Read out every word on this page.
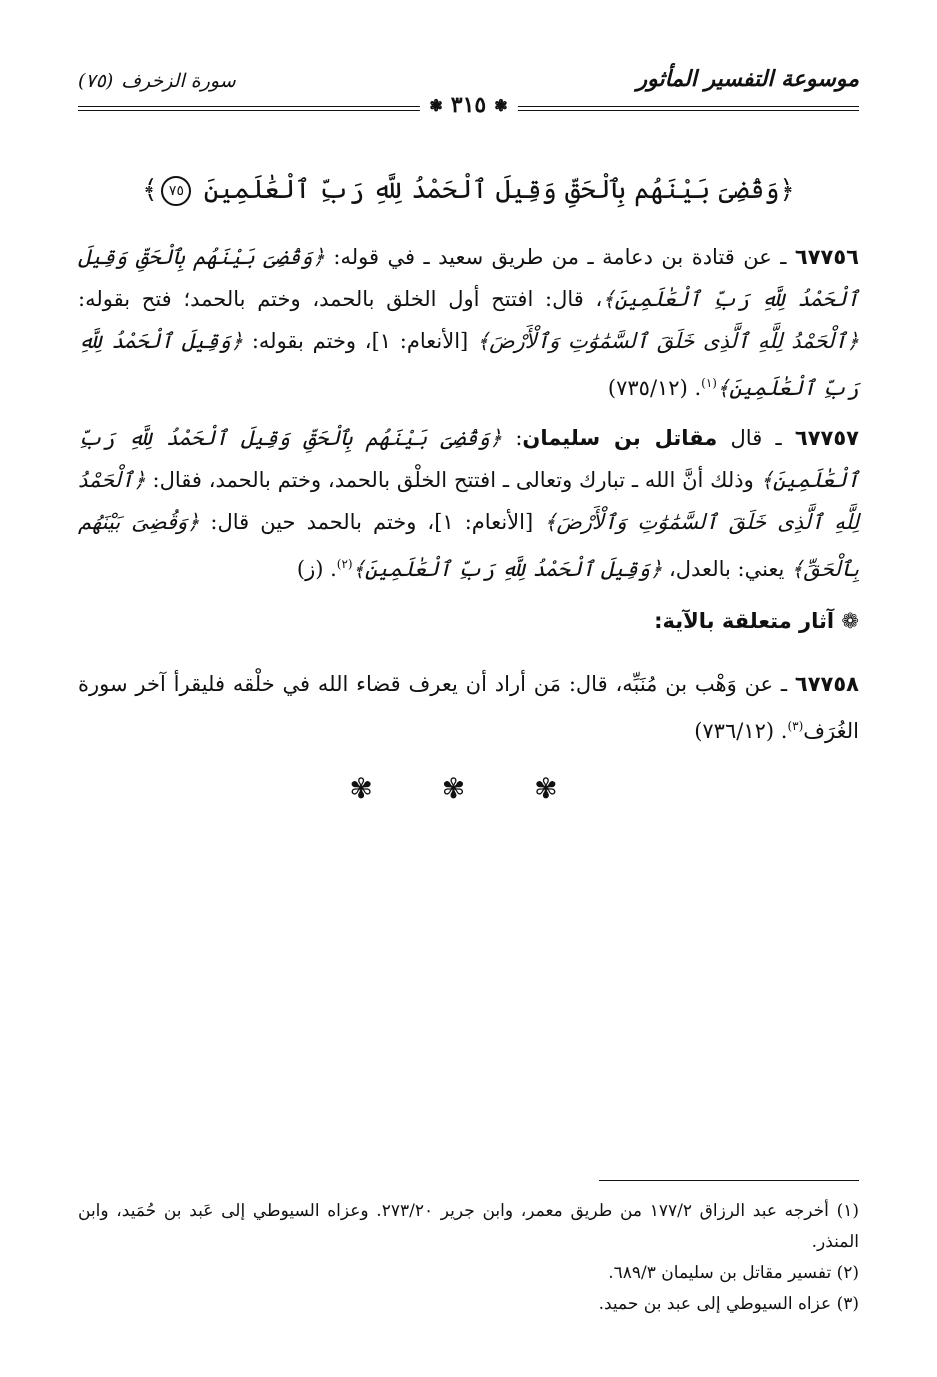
موسوعة التفسير المأثور
سورة الزخرف
(٧٥)
❃
٣١٥
❃
﴿وَقُضِىَ بَيْنَهُم بِٱلْحَقِّ وَقِيلَ ٱلْحَمْدُ لِلَّهِ رَبِّ ٱلْعَٰلَمِينَ ٧٥﴾

٦٧٧٥٦ ـ عن قتادة بن دعامة ـ من طريق سعيد ـ في قوله: ﴿وَقُضِىَ بَيْنَهُم بِٱلْحَقِّ وَقِيلَ ٱلْحَمْدُ لِلَّهِ رَبِّ ٱلْعَٰلَمِينَ﴾، قال: افتتح أول الخلق بالحمد، وختم بالحمد؛ فتح بقوله: ﴿ٱلْحَمْدُ لِلَّهِ ٱلَّذِى خَلَقَ ٱلسَّمَٰوَٰتِ وَٱلْأَرْضَ﴾ [الأنعام: ١]، وختم بقوله: ﴿وَقِيلَ ٱلْحَمْدُ لِلَّهِ رَبِّ ٱلْعَٰلَمِينَ﴾$^{(١)}$. (٧٣٥/١٢)

٦٧٧٥٧ ـ قال مقاتل بن سليمان: ﴿وَقُضِىَ بَيْنَهُم بِٱلْحَقِّ وَقِيلَ ٱلْحَمْدُ لِلَّهِ رَبِّ ٱلْعَٰلَمِينَ﴾ وذلك أنَّ الله ـ تبارك وتعالى ـ افتتح الخلْق بالحمد، وختم بالحمد، فقال: ﴿ٱلْحَمْدُ لِلَّهِ ٱلَّذِى خَلَقَ ٱلسَّمَٰوَٰتِ وَٱلْأَرْضَ﴾ [الأنعام: ١]، وختم بالحمد حين قال: ﴿وَقُضِىَ بَيْنَهُم بِٱلْحَقِّ﴾ يعني: بالعدل، ﴿وَقِيلَ ٱلْحَمْدُ لِلَّهِ رَبِّ ٱلْعَٰلَمِينَ﴾$^{(٢)}$. (ز)

❁ آثار متعلقة بالآية:

٦٧٧٥٨ ـ عن وَهْب بن مُنَبِّه، قال: مَن أراد أن يعرف قضاء الله في خلْقه فليقرأ آخر سورة الغُرَف$^{(٣)}$. (٧٣٦/١٢)

✾ ✾ ✾

(١) أخرجه عبد الرزاق ١٧٧/٢ من طريق معمر، وابن جرير ٢٧٣/٢٠. وعزاه السيوطي إلى عَبد بن حُمَيد، وابن المنذر.

(٢) تفسير مقاتل بن سليمان ٦٨٩/٣.

(٣) عزاه السيوطي إلى عبد بن حميد.
